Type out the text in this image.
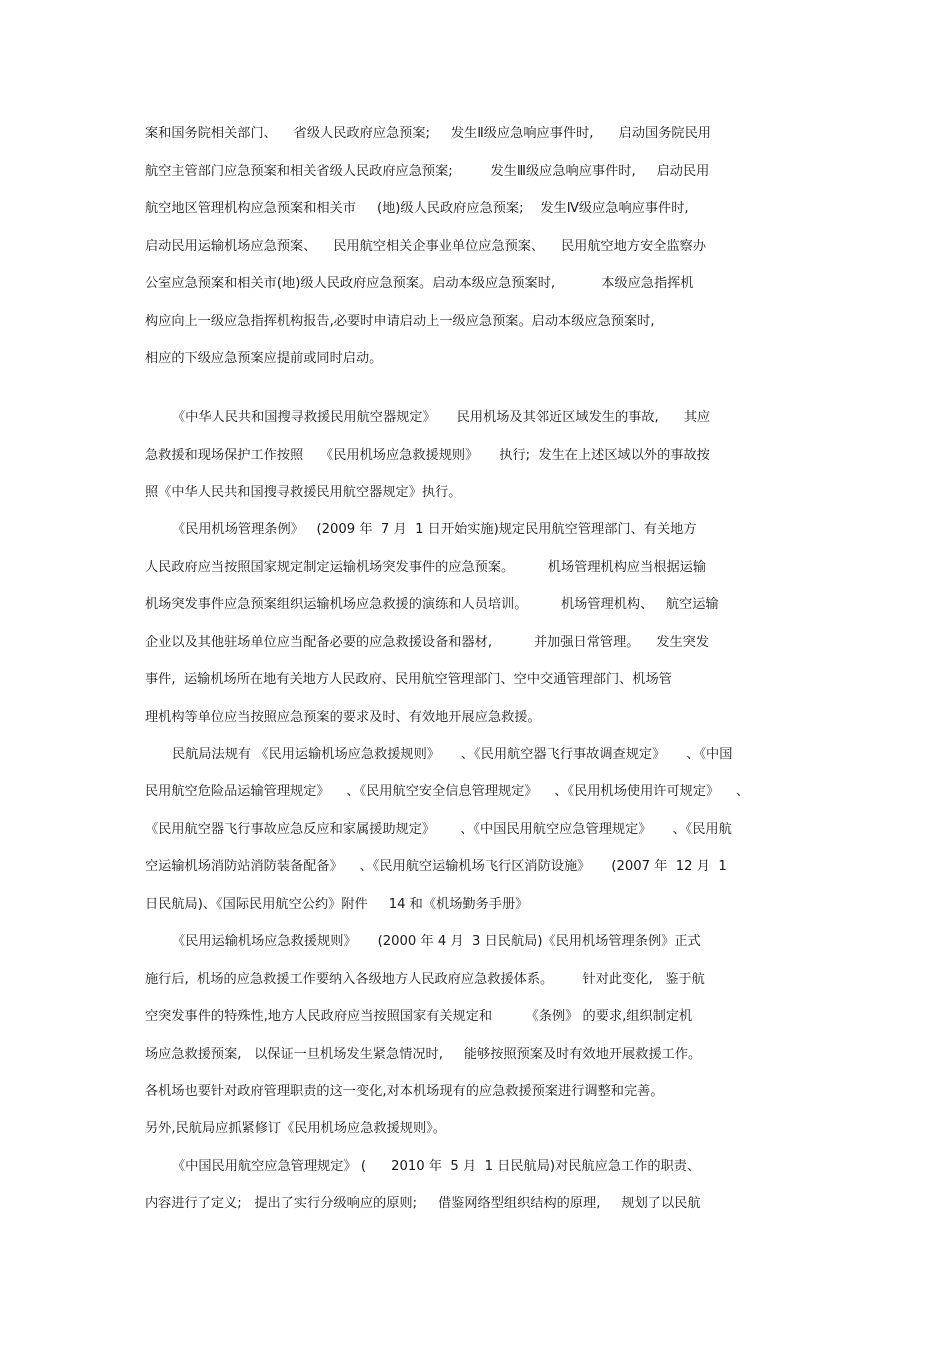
案和国务院相关部门、    省级人民政府应急预案;     发生Ⅱ级应急响应事件时,      启动国务院民用
航空主管部门应急预案和相关省级人民政府应急预案;         发生Ⅲ级应急响应事件时,     启动民用
航空地区管理机构应急预案和相关市     (地)级人民政府应急预案;    发生Ⅳ级应急响应事件时,
启动民用运输机场应急预案、    民用航空相关企事业单位应急预案、    民用航空地方安全监察办
公室应急预案和相关市(地)级人民政府应急预案。启动本级应急预案时,           本级应急指挥机
构应向上一级应急指挥机构报告,必要时申请启动上一级应急预案。启动本级应急预案时,
相应的下级应急预案应提前或同时启动。
《中华人民共和国搜寻救援民用航空器规定》     民用机场及其邻近区域发生的事故,      其应
急救援和现场保护工作按照    《民用机场应急救援规则》     执行;  发生在上述区域以外的事故按
照《中华人民共和国搜寻救援民用航空器规定》执行。
《民用机场管理条例》   (2009 年  7 月  1 日开始实施)规定民用航空管理部门、有关地方
人民政府应当按照国家规定制定运输机场突发事件的应急预案。        机场管理机构应当根据运输
机场突发事件应急预案组织运输机场应急救援的演练和人员培训。        机场管理机构、   航空运输
企业以及其他驻场单位应当配备必要的应急救援设备和器材,          并加强日常管理。    发生突发
事件,  运输机场所在地有关地方人民政府、民用航空管理部门、空中交通管理部门、机场管
理机构等单位应当按照应急预案的要求及时、有效地开展应急救援。
民航局法规有 《民用运输机场应急救援规则》     、《民用航空器飞行事故调查规定》     、《中国
民用航空危险品运输管理规定》    、《民用航空安全信息管理规定》    、《民用机场使用许可规定》    、
《民用航空器飞行事故应急反应和家属援助规定》      、《中国民用航空应急管理规定》     、《民用航
空运输机场消防站消防装备配备》    、《民用航空运输机场飞行区消防设施》     (2007 年  12 月  1
日民航局)、《国际民用航空公约》附件     14 和《机场勤务手册》
《民用运输机场应急救援规则》     (2000 年 4 月  3 日民航局)《民用机场管理条例》正式
施行后,  机场的应急救援工作要纳入各级地方人民政府应急救援体系。       针对此变化,   鉴于航
空突发事件的特殊性,地方人民政府应当按照国家有关规定和        《条例》 的要求,组织制定机
场应急救援预案,   以保证一旦机场发生紧急情况时,     能够按照预案及时有效地开展救援工作。
各机场也要针对政府管理职责的这一变化,对本机场现有的应急救援预案进行调整和完善。
另外,民航局应抓紧修订《民用机场应急救援规则》。
《中国民用航空应急管理规定》 (      2010 年  5 月  1 日民航局)对民航应急工作的职责、
内容进行了定义;   提出了实行分级响应的原则;     借鉴网络型组织结构的原理,     规划了以民航
